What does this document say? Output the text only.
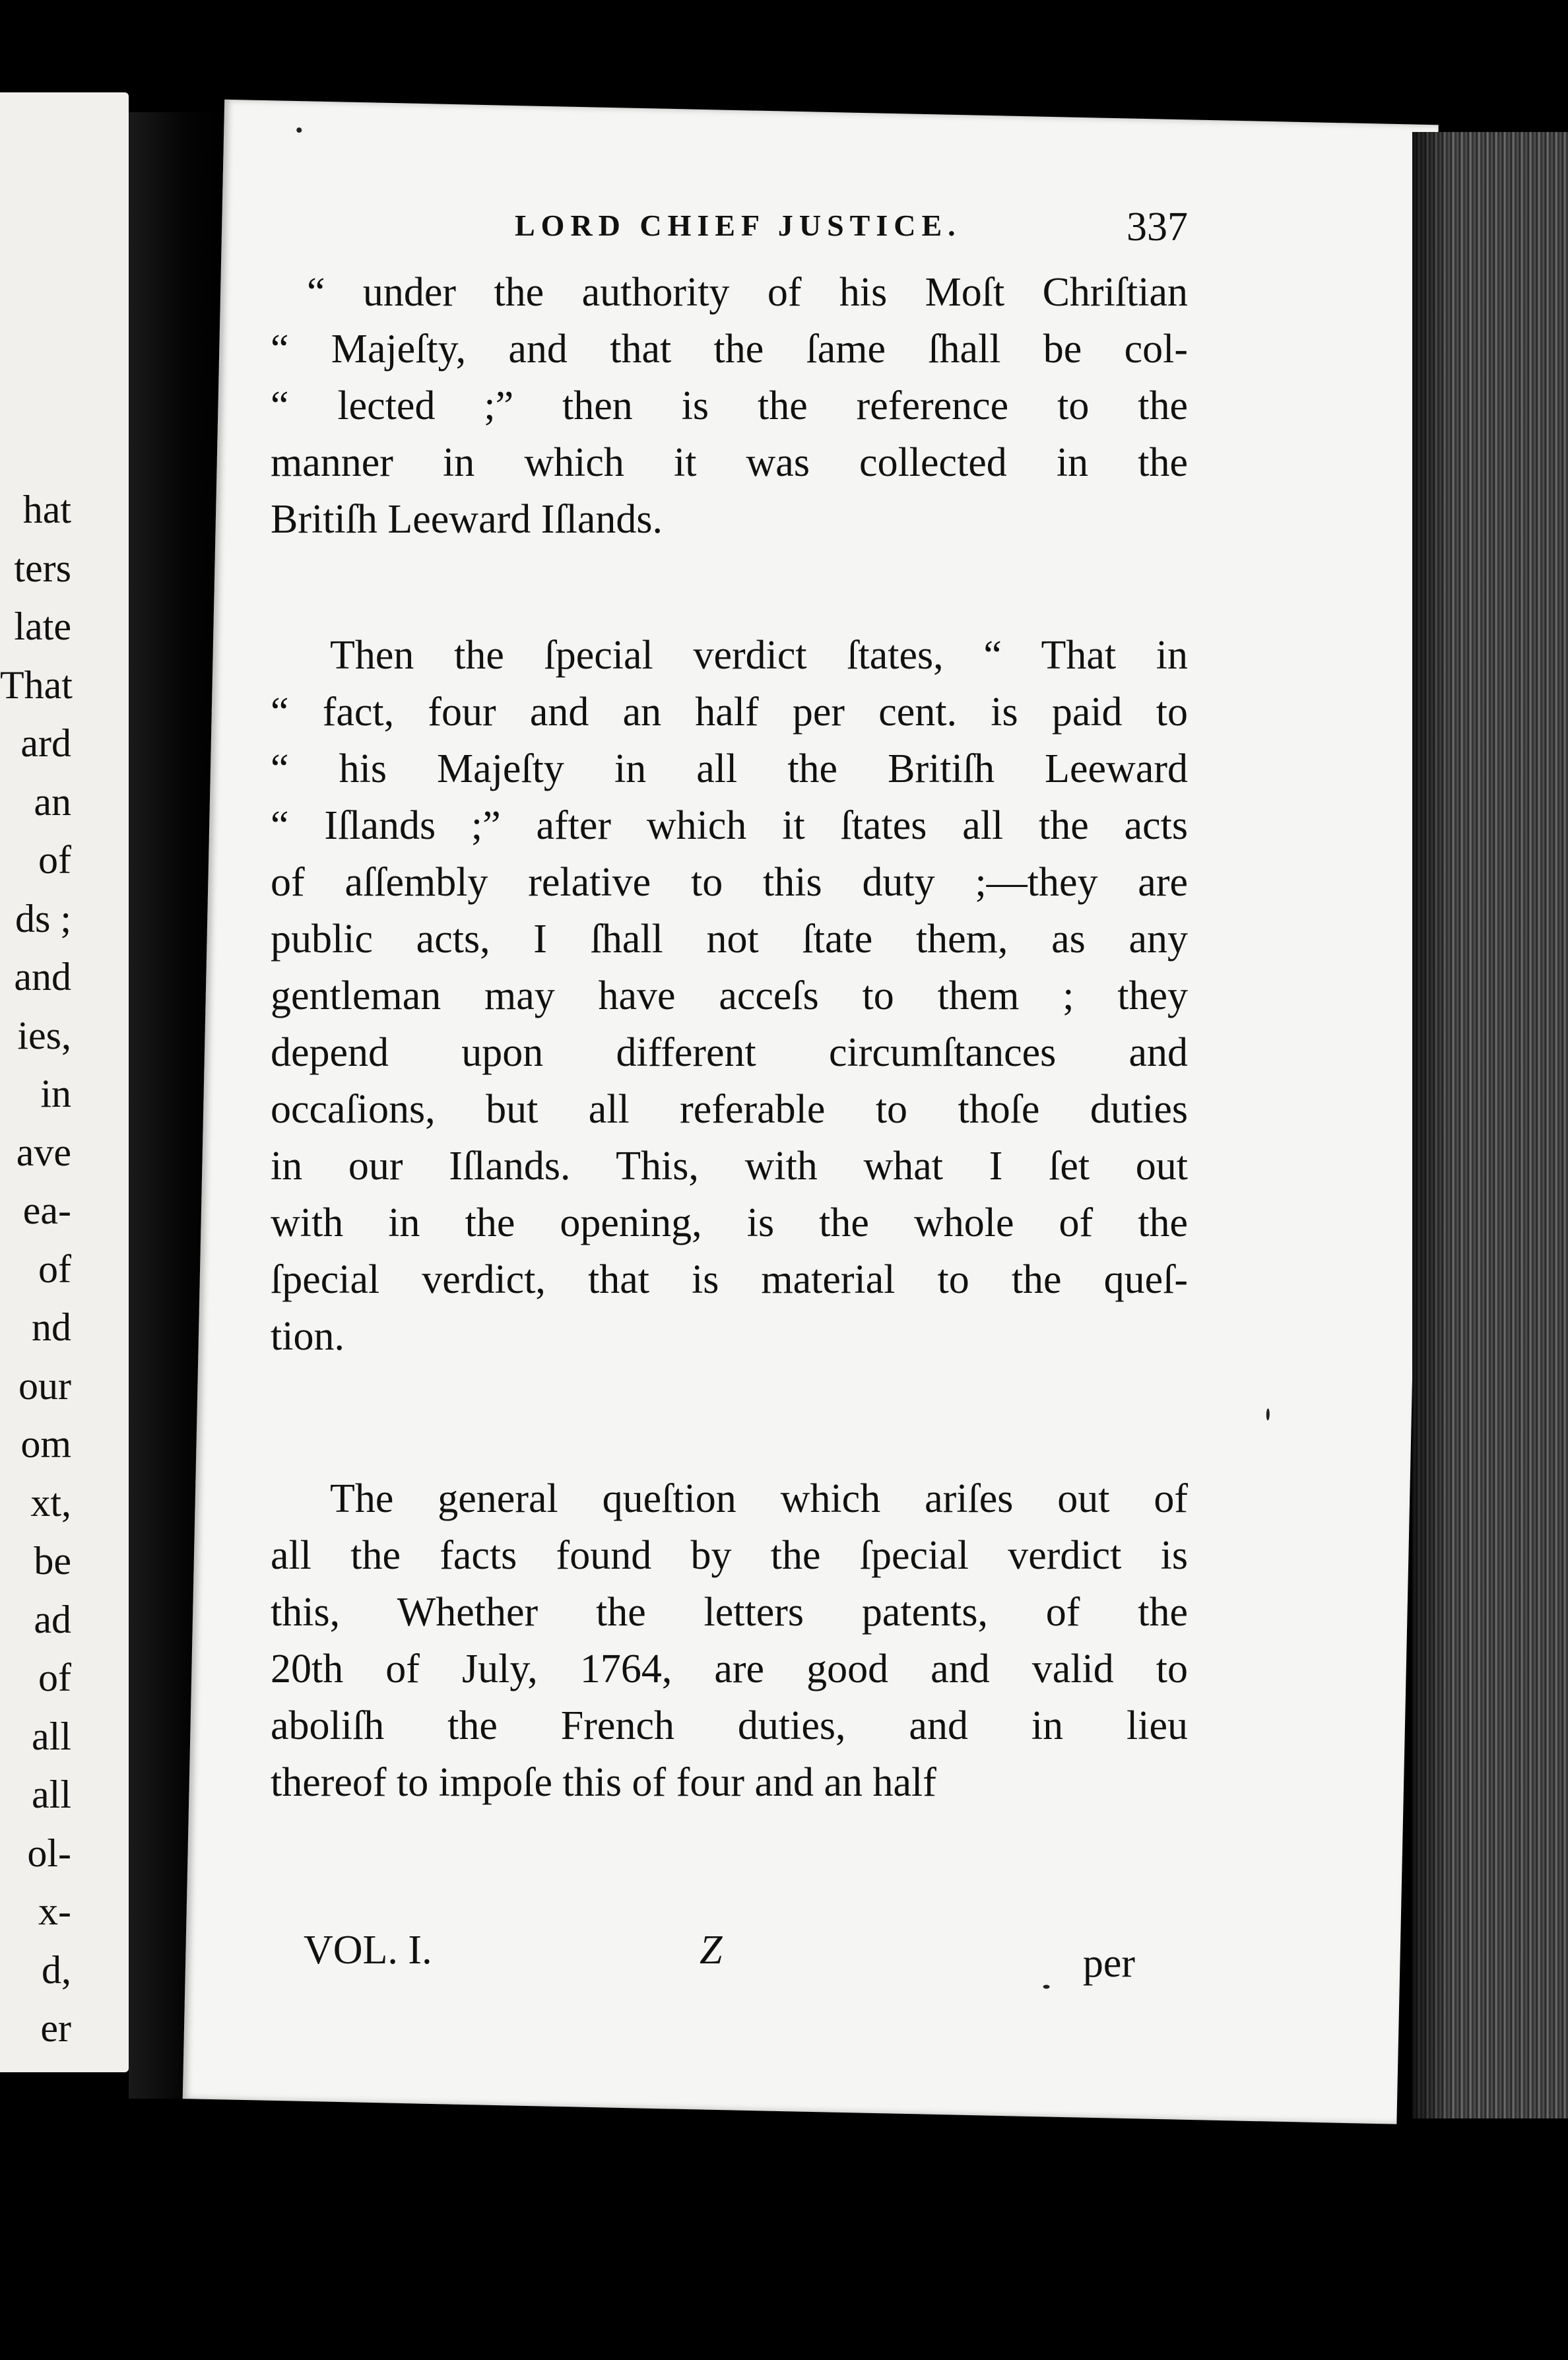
hat
ters
late
That
ard
an
of
ds ;
and
ies,
in
ave
ea-
of
nd
our
om
xt,
be
ad
of
all
all
ol-
x-
d,
er
LORD CHIEF JUSTICE.	337
“ under the authority of his Moſt Chriſtian
“ Majeſty, and that the ſame ſhall be col-
“ lected ;” then is the reference to the
manner in which it was collected in the
Britiſh Leeward Iſlands.
Then the ſpecial verdict ſtates, “ That in
“ fact, four and an half per cent. is paid to
“ his Majeſty in all the Britiſh Leeward
“ Iſlands ;” after which it ſtates all the acts
of aſſembly relative to this duty ;—they are
public acts, I ſhall not ſtate them, as any
gentleman may have acceſs to them ; they
depend upon different circumſtances and
occaſions, but all referable to thoſe duties
in our Iſlands. This, with what I ſet out
with in the opening, is the whole of the
ſpecial verdict, that is material to the queſ-
tion.
The general queſtion which ariſes out of
all the facts found by the ſpecial verdict is
this, Whether the letters patents, of the
20th of July, 1764, are good and valid to
aboliſh the French duties, and in lieu
thereof to impoſe this of four and an half
VOL. I.	Z	per
